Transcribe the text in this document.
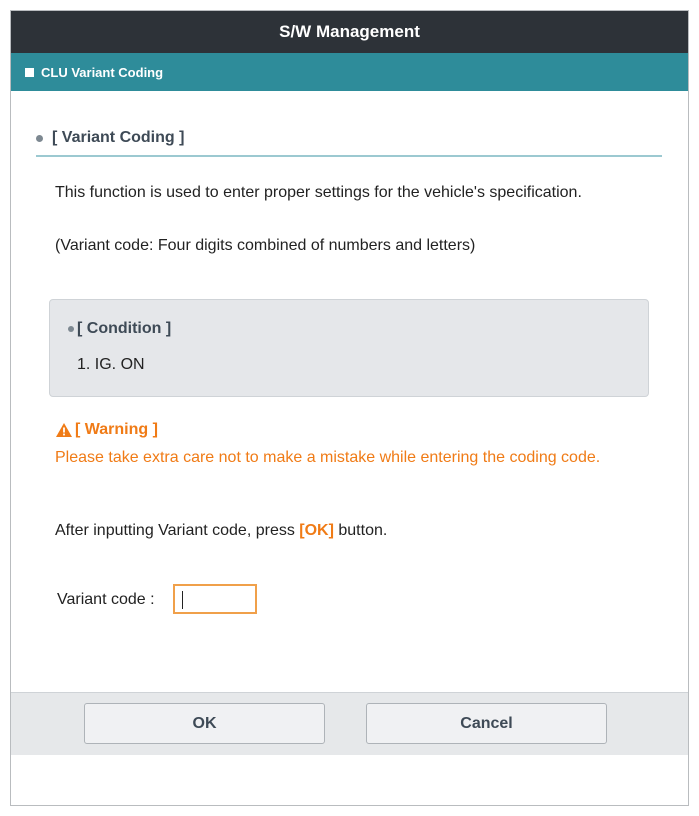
S/W Management
CLU Variant Coding
[ Variant Coding ]
This function is used to enter proper settings for the vehicle's specification.
(Variant code: Four digits combined of numbers and letters)
[ Condition ]
1. IG. ON
[ Warning ]
Please take extra care not to make a mistake while entering the coding code.
After inputting Variant code, press [OK] button.
Variant code :
OK	Cancel
